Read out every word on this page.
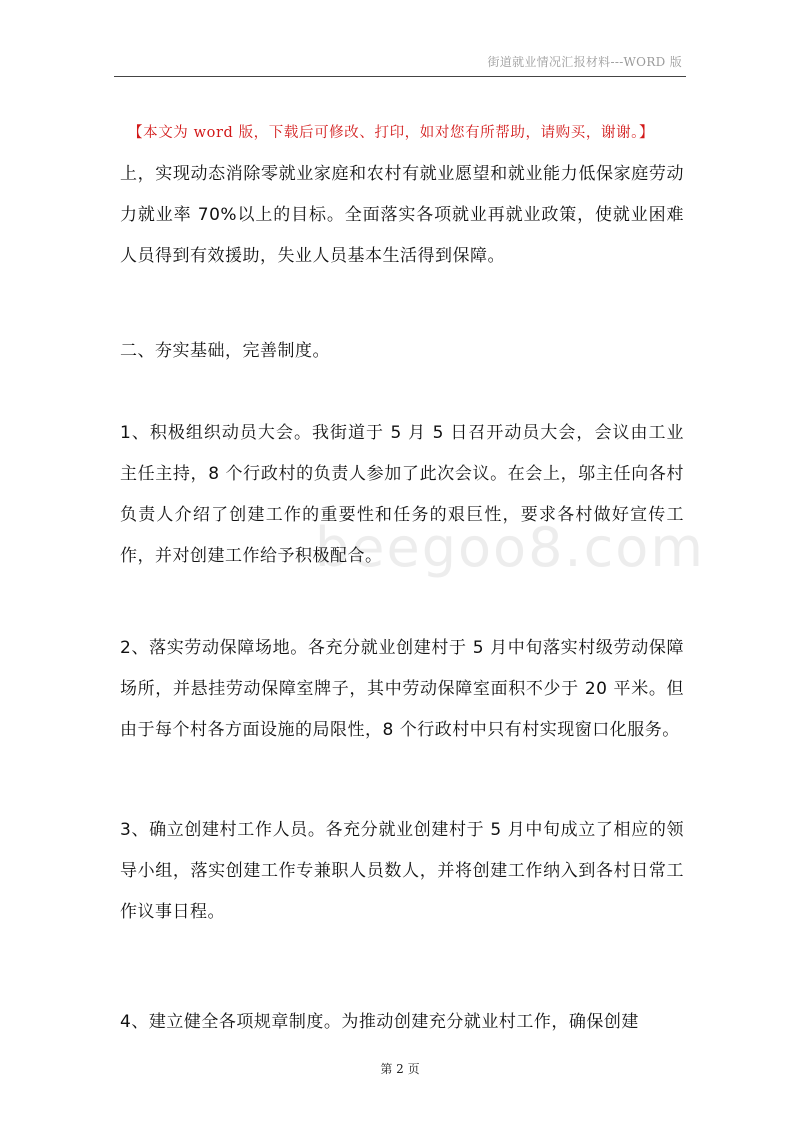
街道就业情况汇报材料---WORD 版
【本文为 word 版，下载后可修改、打印，如对您有所帮助，请购买，谢谢。】
beegoo8.com

上，实现动态消除零就业家庭和农村有就业愿望和就业能力低保家庭劳动力就业率 70%以上的目标。全面落实各项就业再就业政策，使就业困难人员得到有效援助，失业人员基本生活得到保障。

二、夯实基础，完善制度。

1、积极组织动员大会。我街道于 5 月 5 日召开动员大会，会议由工业主任主持，8 个行政村的负责人参加了此次会议。在会上，邬主任向各村负责人介绍了创建工作的重要性和任务的艰巨性，要求各村做好宣传工作，并对创建工作给予积极配合。

2、落实劳动保障场地。各充分就业创建村于 5 月中旬落实村级劳动保障场所，并悬挂劳动保障室牌子，其中劳动保障室面积不少于 20 平米。但由于每个村各方面设施的局限性，8 个行政村中只有村实现窗口化服务。

3、确立创建村工作人员。各充分就业创建村于 5 月中旬成立了相应的领导小组，落实创建工作专兼职人员数人，并将创建工作纳入到各村日常工作议事日程。

4、建立健全各项规章制度。为推动创建充分就业村工作，确保创建

第 2 页
